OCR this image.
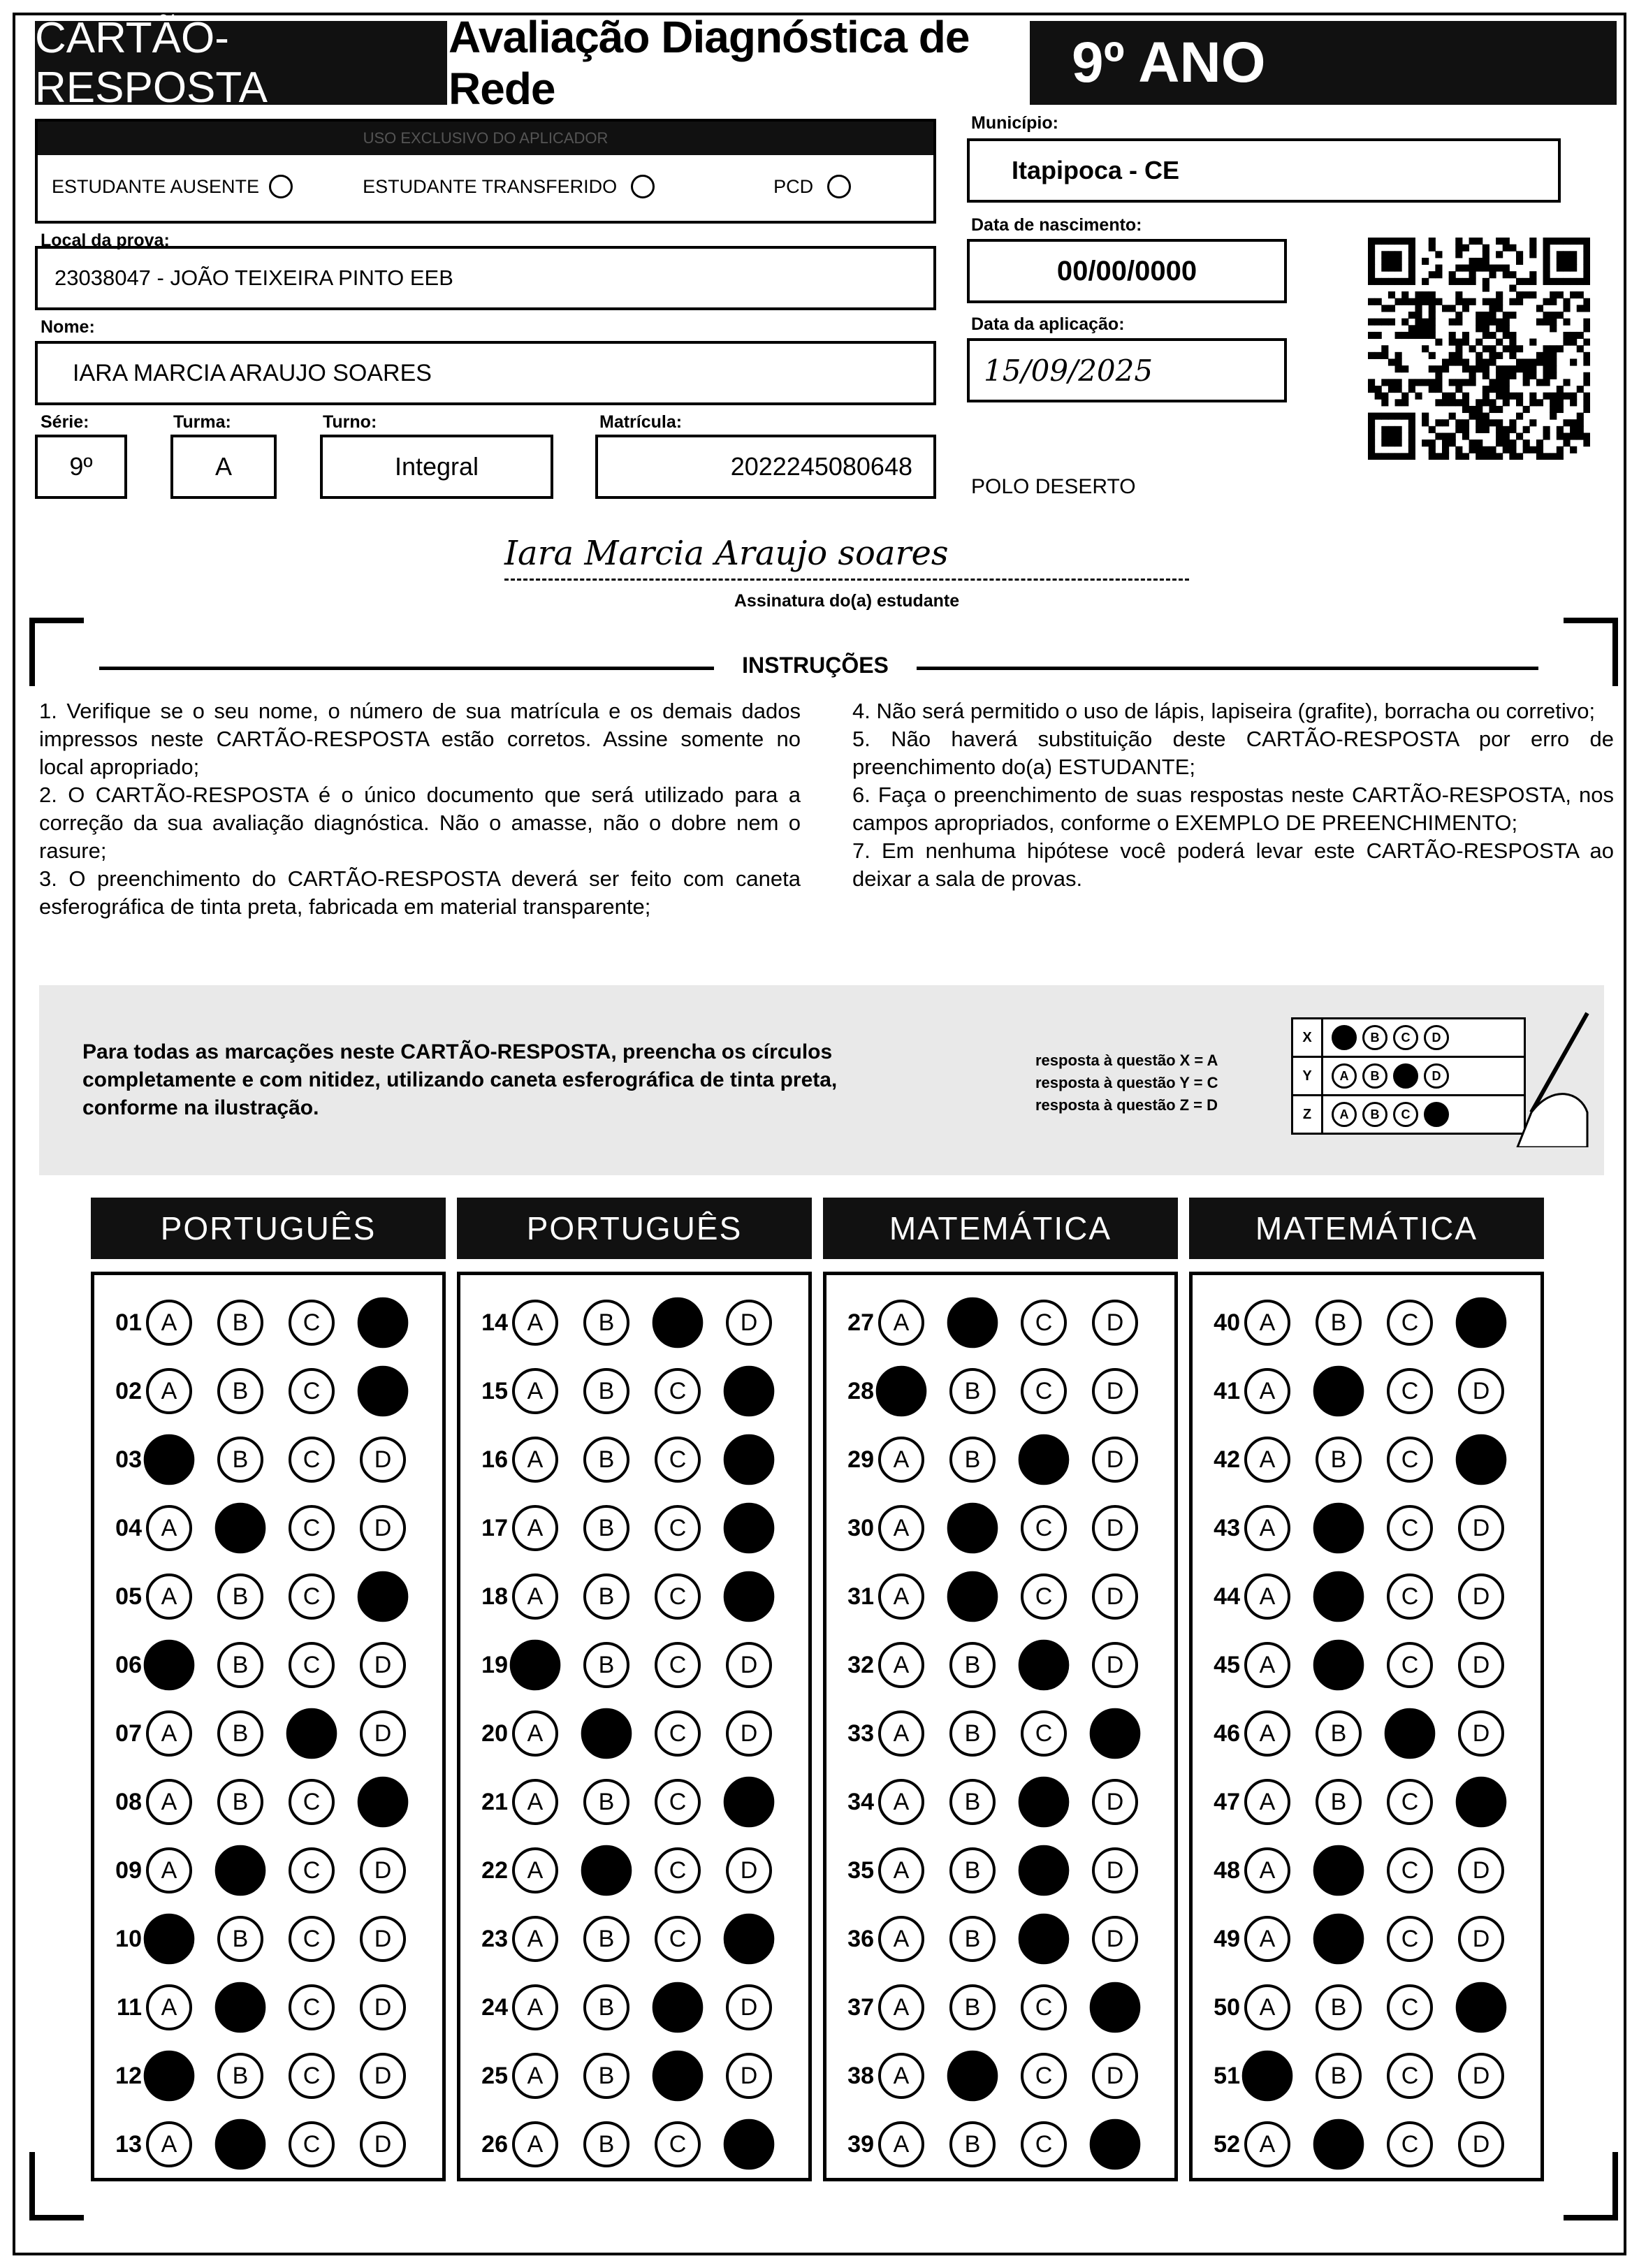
CARTÃO-RESPOSTA
Avaliação Diagnóstica de Rede	9º ANO
USO EXCLUSIVO DO APLICADOR
ESTUDANTE AUSENTE	ESTUDANTE TRANSFERIDO	PCD
Local da prova:
23038047 - JOÃO TEIXEIRA PINTO EEB
Nome:
IARA MARCIA ARAUJO SOARES
Série:
9º
Turma:
A
Turno:
Integral
Matrícula:
2022245080648
Município:
Itapipoca - CE
Data de nascimento:
00/00/0000
Data da aplicação:
15/09/2025
POLO DESERTO
Iara Marcia Araujo soares
Assinatura do(a) estudante
INSTRUÇÕES
1. Verifique se o seu nome, o número de sua matrícula e os demais dados impressos neste CARTÃO-RESPOSTA estão corretos. Assine somente no local apropriado;
2. O CARTÃO-RESPOSTA é o único documento que será utilizado para a correção da sua avaliação diagnóstica. Não o amasse, não o dobre nem o rasure;
3. O preenchimento do CARTÃO-RESPOSTA deverá ser feito com caneta esferográfica de tinta preta, fabricada em material transparente;
4. Não será permitido o uso de lápis, lapiseira (grafite), borracha ou corretivo;
5. Não haverá substituição deste CARTÃO-RESPOSTA por erro de preenchimento do(a) ESTUDANTE;
6. Faça o preenchimento de suas respostas neste CARTÃO-RESPOSTA, nos campos apropriados, conforme o EXEMPLO DE PREENCHIMENTO;
7. Em nenhuma hipótese você poderá levar este CARTÃO-RESPOSTA ao deixar a sala de provas.
Para todas as marcações neste CARTÃO-RESPOSTA, preencha os círculos completamente e com nitidez, utilizando caneta esferográfica de tinta preta, conforme na ilustração.
resposta à questão X = A
resposta à questão Y = C
resposta à questão Z = D
X	A	B	C	D
Y	A	B	C	D
Z	A	B	C	D
PORTUGUÊS
01 A	B	C	D
02 A	B	C	D
03 A	B	C	D
04 A	B	C	D
05 A	B	C	D
06 A	B	C	D
07 A	B	C	D
08 A	B	C	D
09 A	B	C	D
10 A	B	C	D
11 A	B	C	D
12 A	B	C	D
13 A	B	C	D
PORTUGUÊS
14 A	B	C	D
15 A	B	C	D
16 A	B	C	D
17 A	B	C	D
18 A	B	C	D
19 A	B	C	D
20 A	B	C	D
21 A	B	C	D
22 A	B	C	D
23 A	B	C	D
24 A	B	C	D
25 A	B	C	D
26 A	B	C	D
MATEMÁTICA
27 A	B	C	D
28 A	B	C	D
29 A	B	C	D
30 A	B	C	D
31 A	B	C	D
32 A	B	C	D
33 A	B	C	D
34 A	B	C	D
35 A	B	C	D
36 A	B	C	D
37 A	B	C	D
38 A	B	C	D
39 A	B	C	D
MATEMÁTICA
40 A	B	C	D
41 A	B	C	D
42 A	B	C	D
43 A	B	C	D
44 A	B	C	D
45 A	B	C	D
46 A	B	C	D
47 A	B	C	D
48 A	B	C	D
49 A	B	C	D
50 A	B	C	D
51 A	B	C	D
52 A	B	C	D
